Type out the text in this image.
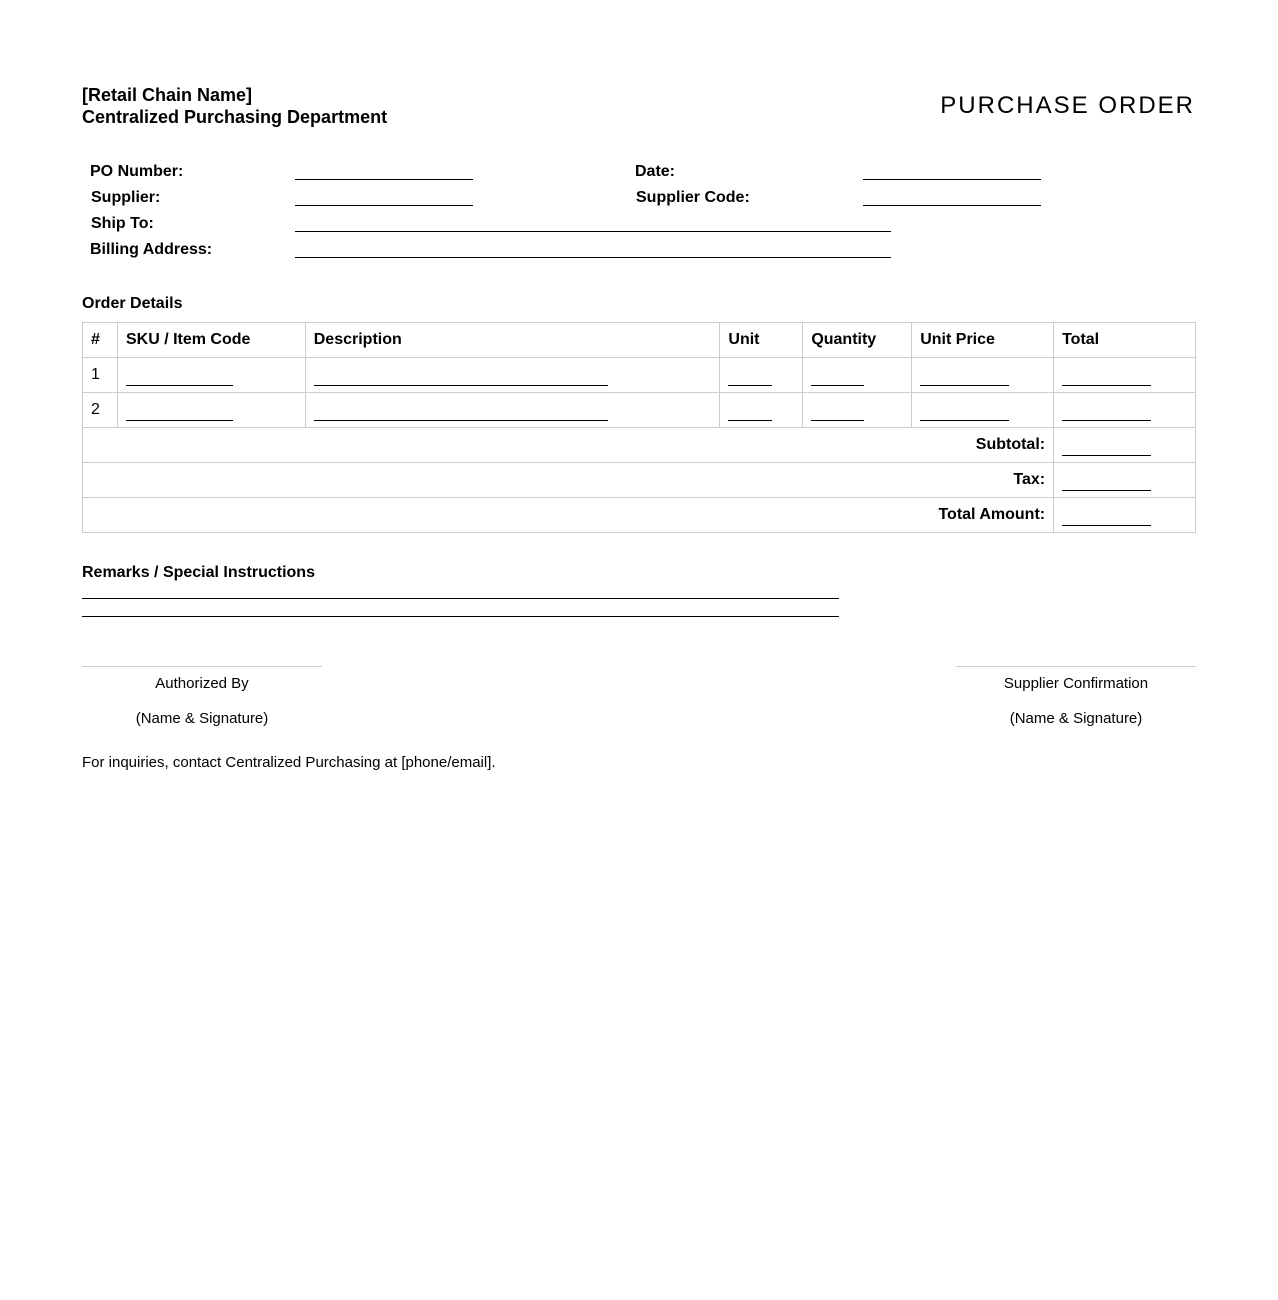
[Retail Chain Name]
Centralized Purchasing Department	PURCHASE ORDER
PO Number:	Date:
Supplier:	Supplier Code:
Ship To:
Billing Address:
Order Details
#	SKU / Item Code	Description	Unit	Quantity	Unit Price	Total
1						
2						
Subtotal:						
Tax:						
Total Amount:						
Remarks / Special Instructions
Authorized By
(Name & Signature)
Supplier Confirmation
(Name & Signature)
For inquiries, contact Centralized Purchasing at [phone/email].
